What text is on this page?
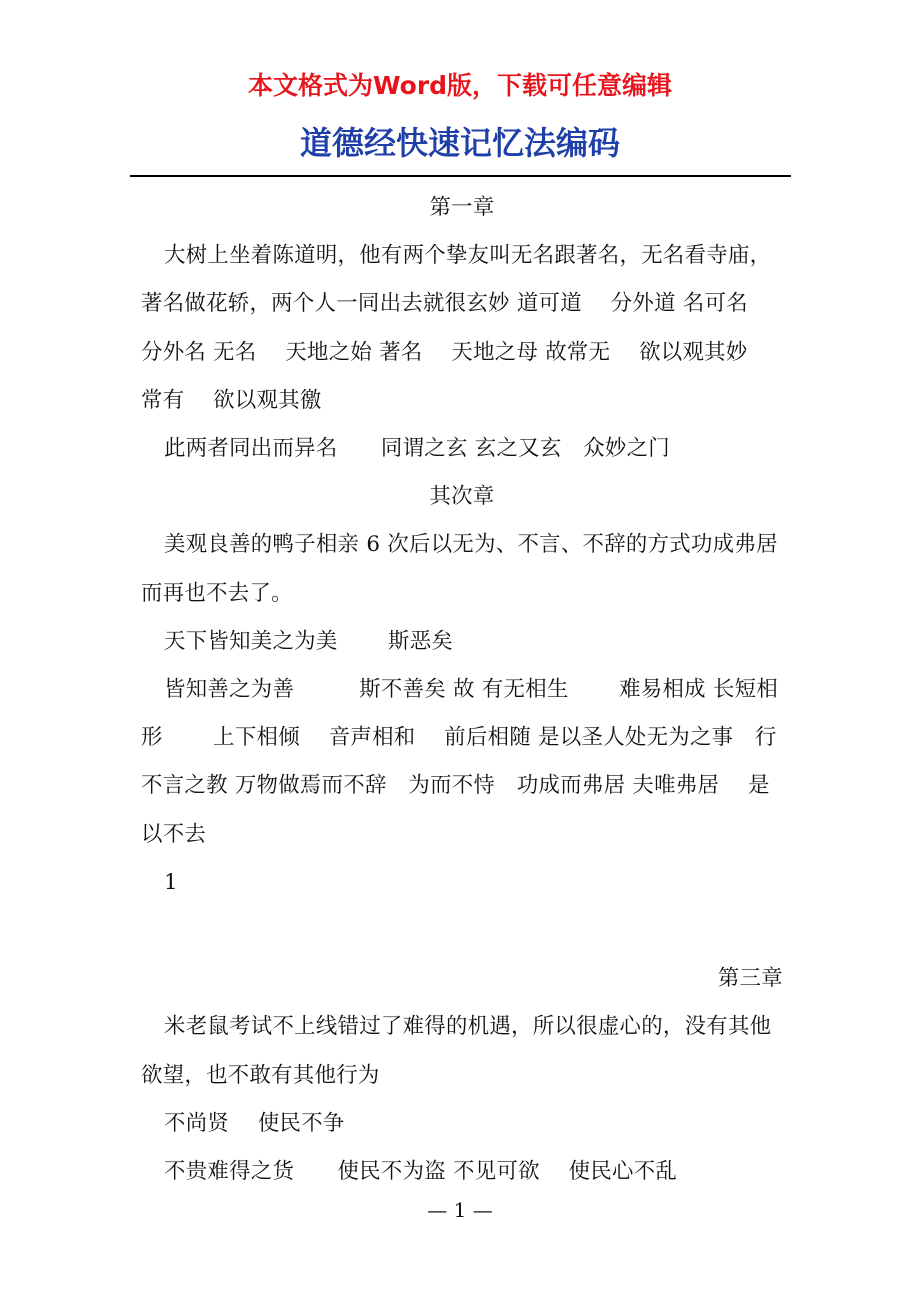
本文格式为Word版，下载可任意编辑
道德经快速记忆法编码

第一章

大树上坐着陈道明，他有两个挚友叫无名跟著名，无名看寺庙，著名做花轿，两个人一同出去就很玄妙 道可道　 分外道 名可名　 分外名 无名　 天地之始 著名　 天地之母 故常无　 欲以观其妙　 常有　 欲以观其徼

此两者同出而异名　　同谓之玄 玄之又玄　众妙之门

其次章

美观良善的鸭子相亲 6 次后以无为、不言、不辞的方式功成弗居而再也不去了。

天下皆知美之为美　　 斯恶矣

皆知善之为善　　　斯不善矣 故 有无相生　　 难易相成 长短相形　　 上下相倾　 音声相和　 前后相随 是以圣人处无为之事　行不言之教 万物做焉而不辞　为而不恃　功成而弗居 夫唯弗居　 是以不去

1

第三章

米老鼠考试不上线错过了难得的机遇，所以很虚心的，没有其他欲望，也不敢有其他行为

不尚贤　 使民不争

不贵难得之货　　使民不为盗 不见可欲　 使民心不乱

— 1 —
